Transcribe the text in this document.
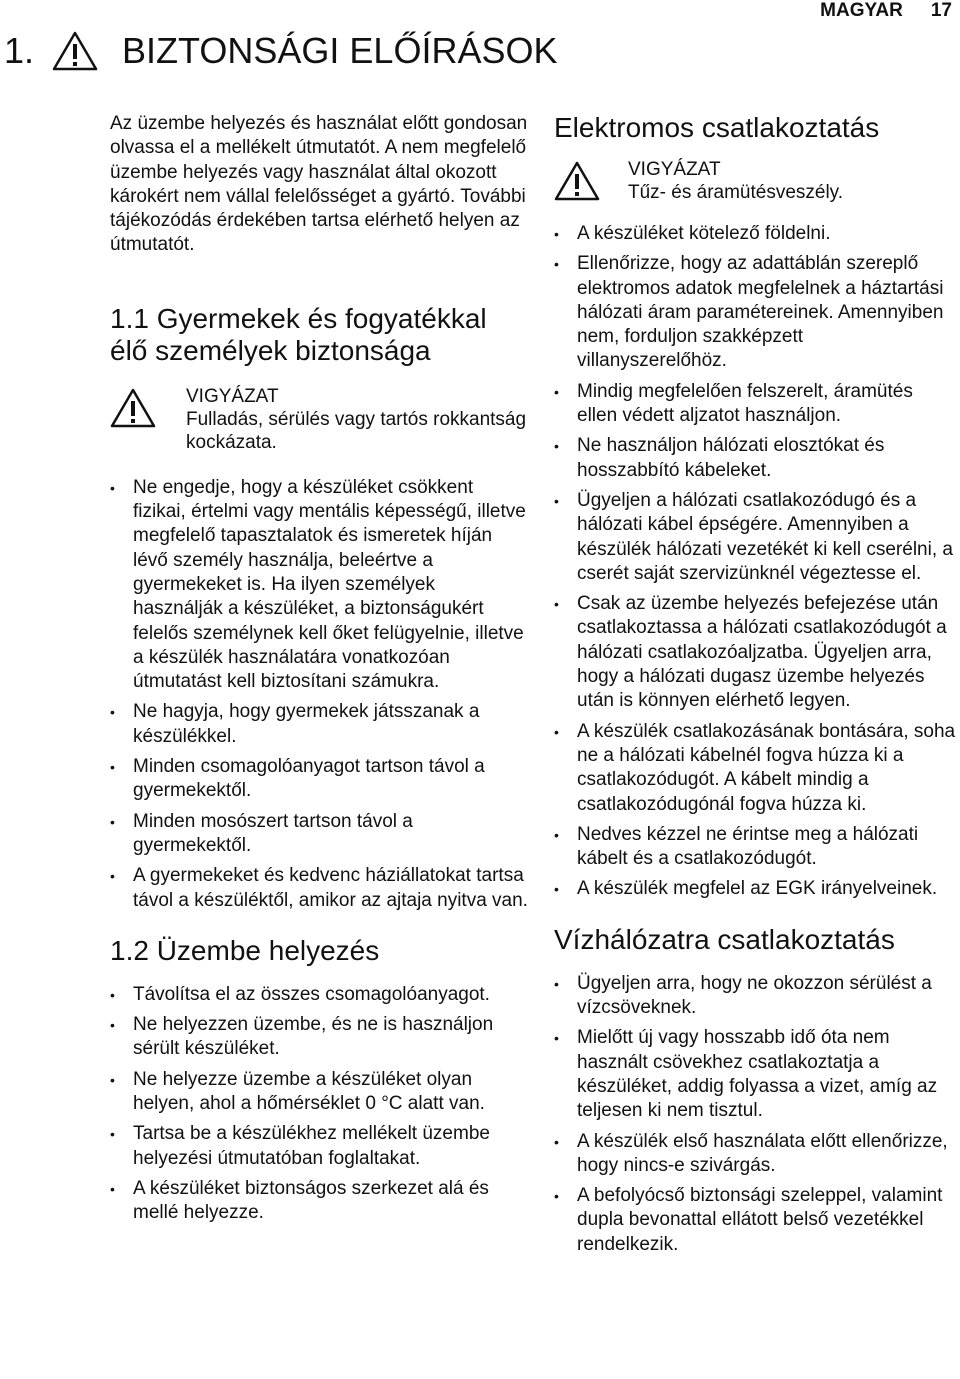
MAGYAR 17
1. BIZTONSÁGI ELŐÍRÁSOK

Az üzembe helyezés és használat előtt gondosan olvassa el a mellékelt útmutatót. A nem megfelelő üzembe helyezés vagy használat által okozott károkért nem vállal felelősséget a gyártó. További tájékozódás érdekében tartsa elérhető helyen az útmutatót.

1.1 Gyermekek és fogyatékkal élő személyek biztonsága
VIGYÁZAT
Fulladás, sérülés vagy tartós rokkantság kockázata.
• Ne engedje, hogy a készüléket csökkent fizikai, értelmi vagy mentális képességű, illetve megfelelő tapasztalatok és ismeretek híján lévő személy használja, beleértve a gyermekeket is. Ha ilyen személyek használják a készüléket, a biztonságukért felelős személynek kell őket felügyelnie, illetve a készülék használatára vonatkozóan útmutatást kell biztosítani számukra.
• Ne hagyja, hogy gyermekek játsszanak a készülékkel.
• Minden csomagolóanyagot tartson távol a gyermekektől.
• Minden mosószert tartson távol a gyermekektől.
• A gyermekeket és kedvenc háziállatokat tartsa távol a készüléktől, amikor az ajtaja nyitva van.
1.2 Üzembe helyezés
• Távolítsa el az összes csomagolóanyagot.
• Ne helyezzen üzembe, és ne is használjon sérült készüléket.
• Ne helyezze üzembe a készüléket olyan helyen, ahol a hőmérséklet 0 °C alatt van.
• Tartsa be a készülékhez mellékelt üzembe helyezési útmutatóban foglaltakat.
• A készüléket biztonságos szerkezet alá és mellé helyezze.
Elektromos csatlakoztatás
VIGYÁZAT
Tűz- és áramütésveszély.
• A készüléket kötelező földelni.
• Ellenőrizze, hogy az adattáblán szereplő elektromos adatok megfelelnek a háztartási hálózati áram paramétereinek. Amennyiben nem, forduljon szakképzett villanyszerelőhöz.
• Mindig megfelelően felszerelt, áramütés ellen védett aljzatot használjon.
• Ne használjon hálózati elosztókat és hosszabbító kábeleket.
• Ügyeljen a hálózati csatlakozódugó és a hálózati kábel épségére. Amennyiben a készülék hálózati vezetékét ki kell cserélni, a cserét saját szervizünknél végeztesse el.
• Csak az üzembe helyezés befejezése után csatlakoztassa a hálózati csatlakozódugót a hálózati csatlakozóaljzatba. Ügyeljen arra, hogy a hálózati dugasz üzembe helyezés után is könnyen elérhető legyen.
• A készülék csatlakozásának bontására, soha ne a hálózati kábelnél fogva húzza ki a csatlakozódugót. A kábelt mindig a csatlakozódugónál fogva húzza ki.
• Nedves kézzel ne érintse meg a hálózati kábelt és a csatlakozódugót.
• A készülék megfelel az EGK irányelveinek.
Vízhálózatra csatlakoztatás
• Ügyeljen arra, hogy ne okozzon sérülést a vízcsöveknek.
• Mielőtt új vagy hosszabb idő óta nem használt csövekhez csatlakoztatja a készüléket, addig folyassa a vizet, amíg az teljesen ki nem tisztul.
• A készülék első használata előtt ellenőrizze, hogy nincs-e szivárgás.
• A befolyócső biztonsági szeleppel, valamint dupla bevonattal ellátott belső vezetékkel rendelkezik.
